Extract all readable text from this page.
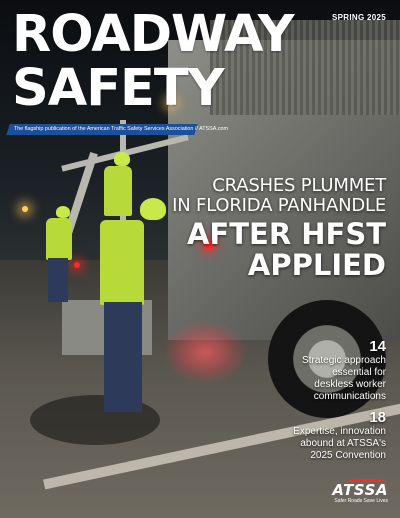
ROADWAY
SAFETY
SPRING 2025
The flagship publication of the American Traffic Safety Services Association // ATSSA.com
CRASHES PLUMMET
IN FLORIDA PANHANDLE
AFTER HFST
APPLIED
14
Strategic approach
essential for
deskless worker
communications
18
Expertise, innovation
abound at ATSSA's
2025 Convention
ATSSA
Safer Roads Save Lives
